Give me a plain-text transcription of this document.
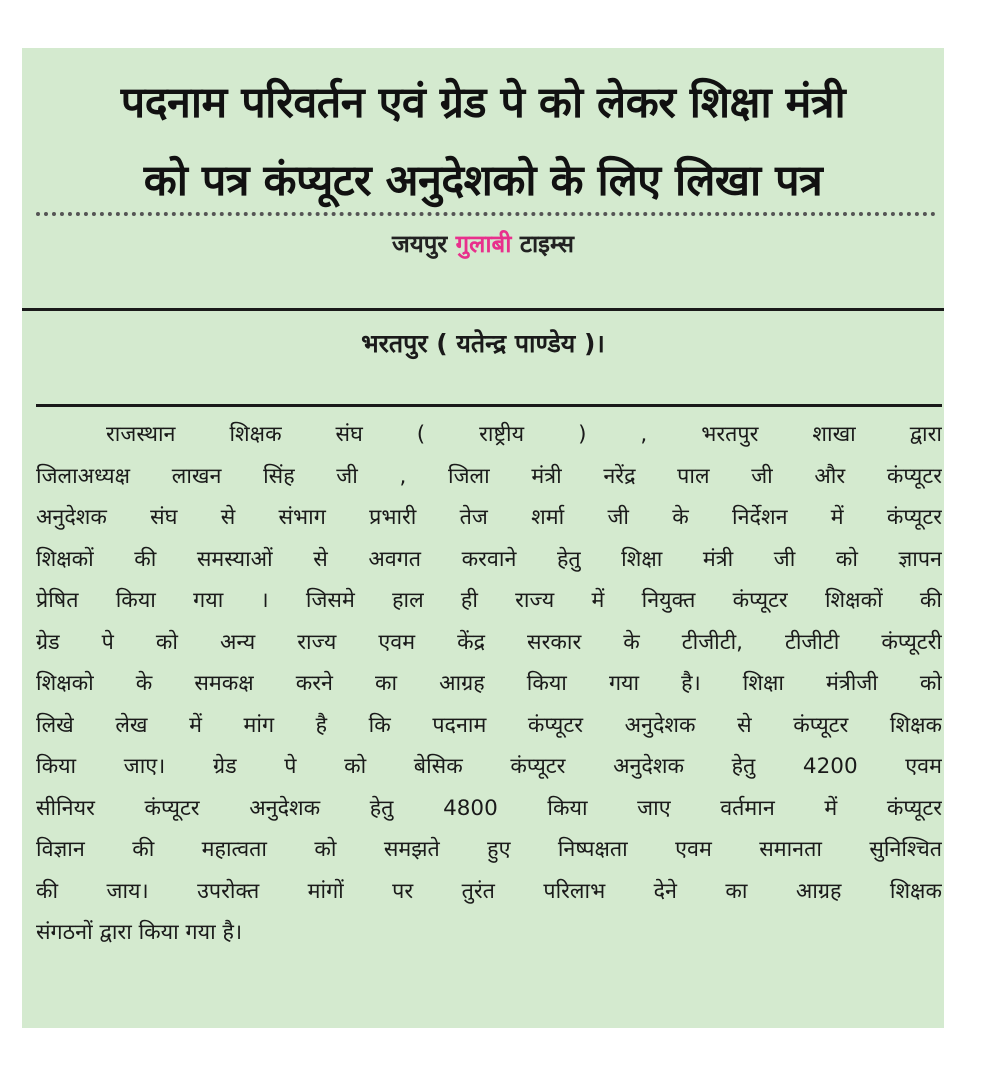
पदनाम परिवर्तन एवं ग्रेड पे को लेकर शिक्षा मंत्री
को पत्र कंप्यूटर अनुदेशको के लिए लिखा पत्र
जयपुर गुलाबी टाइम्स
भरतपुर ( यतेन्द्र पाण्डेय )।
राजस्थान शिक्षक संघ ( राष्ट्रीय ) , भरतपुर शाखा द्वारा
जिलाअध्यक्ष लाखन सिंह जी , जिला मंत्री नरेंद्र पाल जी और कंप्यूटर
अनुदेशक संघ से संभाग प्रभारी तेज शर्मा जी के निर्देशन में कंप्यूटर
शिक्षकों की समस्याओं से अवगत करवाने हेतु शिक्षा मंत्री जी को ज्ञापन
प्रेषित किया गया । जिसमे हाल ही राज्य में नियुक्त कंप्यूटर शिक्षकों की
ग्रेड पे को अन्य राज्य एवम केंद्र सरकार के टीजीटी, टीजीटी कंप्यूटरी
शिक्षको के समकक्ष करने का आग्रह किया गया है। शिक्षा मंत्रीजी को
लिखे लेख में मांग है कि पदनाम कंप्यूटर अनुदेशक से कंप्यूटर शिक्षक
किया जाए। ग्रेड पे को बेसिक कंप्यूटर अनुदेशक हेतु 4200 एवम
सीनियर कंप्यूटर अनुदेशक हेतु 4800 किया जाए वर्तमान में कंप्यूटर
विज्ञान की महात्वता को समझते हुए निष्पक्षता एवम समानता सुनिश्चित
की जाय। उपरोक्त मांगों पर तुरंत परिलाभ देने का आग्रह शिक्षक
संगठनों द्वारा किया गया है।
